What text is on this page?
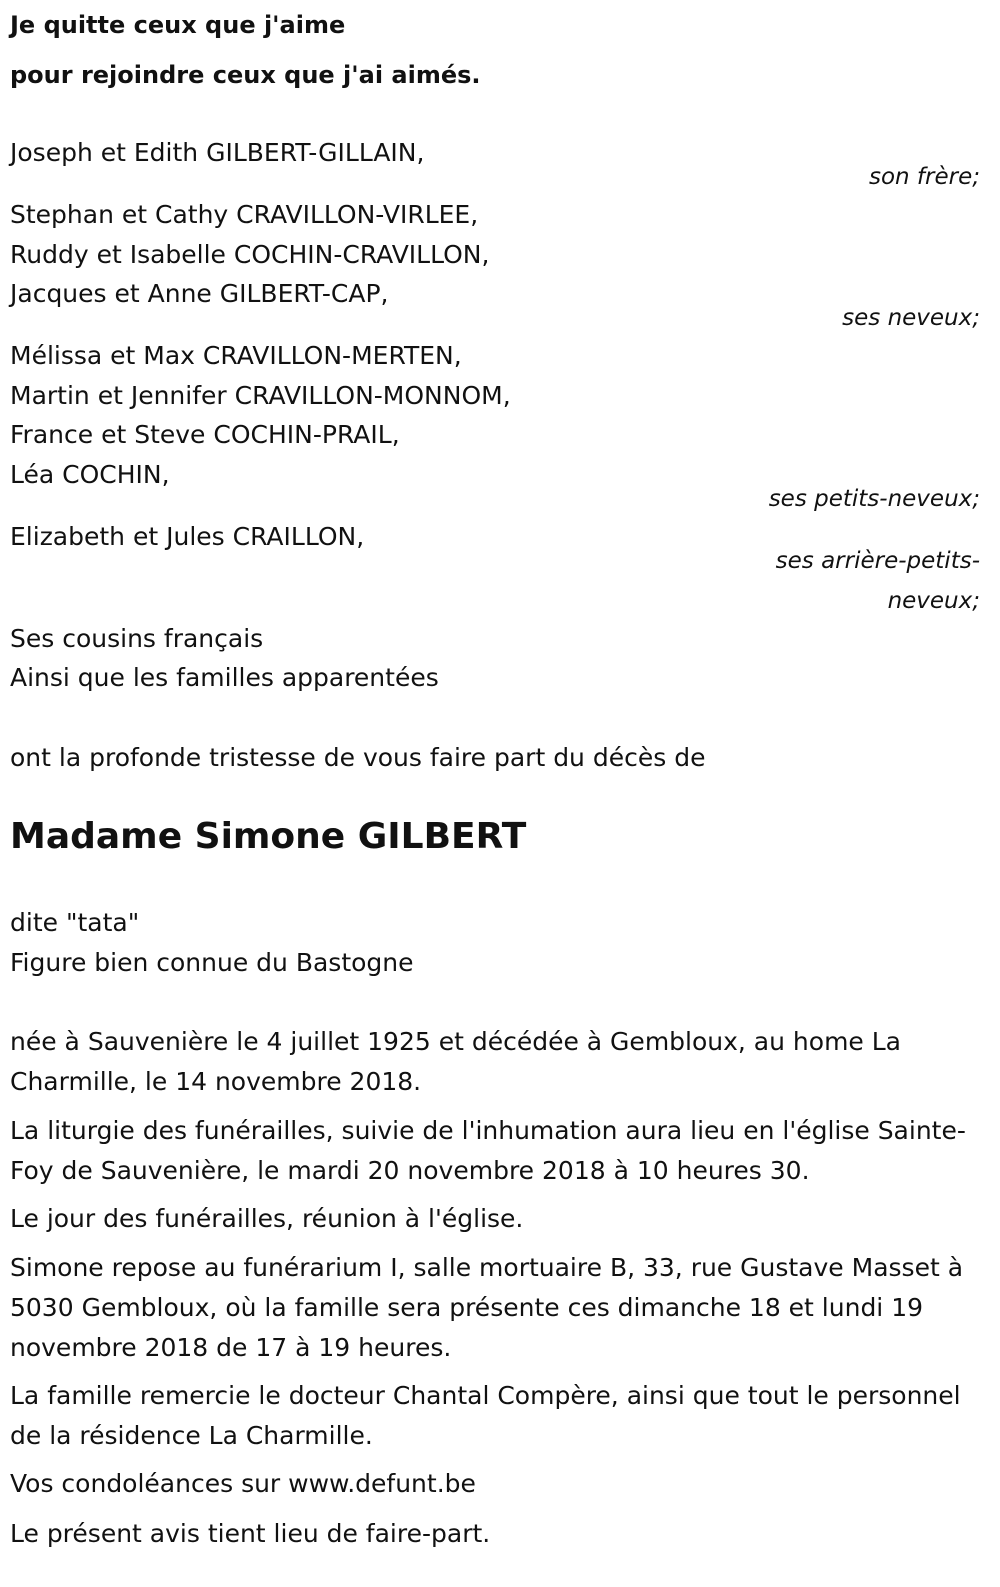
Je quitte ceux que j'aime
pour rejoindre ceux que j'ai aimés.
Joseph et Edith GILBERT-GILLAIN,
son frère;
Stephan et Cathy CRAVILLON-VIRLEE,
Ruddy et Isabelle COCHIN-CRAVILLON,
Jacques et Anne GILBERT-CAP,
ses neveux;
Mélissa et Max CRAVILLON-MERTEN,
Martin et Jennifer CRAVILLON-MONNOM,
France et Steve COCHIN-PRAIL,
Léa COCHIN,
ses petits-neveux;
Elizabeth et Jules CRAILLON,
ses arrière-petits-
neveux;
Ses cousins français
Ainsi que les familles apparentées
ont la profonde tristesse de vous faire part du décès de
Madame Simone GILBERT
dite "tata"
Figure bien connue du Bastogne
née à Sauvenière le 4 juillet 1925 et décédée à Gembloux, au home La Charmille, le 14 novembre 2018.
La liturgie des funérailles, suivie de l'inhumation aura lieu en l'église Sainte-Foy de Sauvenière, le mardi 20 novembre 2018 à 10 heures 30.
Le jour des funérailles, réunion à l'église.
Simone repose au funérarium I, salle mortuaire B, 33, rue Gustave Masset à 5030 Gembloux, où la famille sera présente ces dimanche 18 et lundi 19 novembre 2018 de 17 à 19 heures.
La famille remercie le docteur Chantal Compère, ainsi que tout le personnel de la résidence La Charmille.
Vos condoléances sur www.defunt.be
Le présent avis tient lieu de faire-part.
